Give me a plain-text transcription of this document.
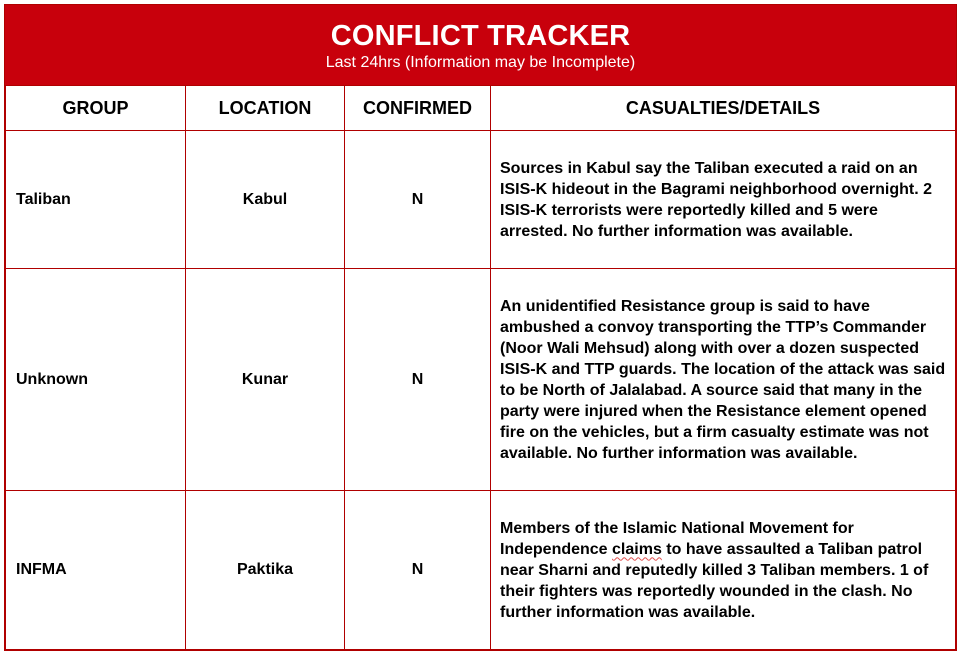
CONFLICT TRACKER
Last 24hrs (Information may be Incomplete)
GROUP	LOCATION	CONFIRMED	CASUALTIES/DETAILS
Taliban	Kabul	N	Sources in Kabul say the Taliban executed a raid on an ISIS-K hideout in the Bagrami neighborhood overnight. 2 ISIS-K terrorists were reportedly killed and 5 were arrested. No further information was available.
Unknown	Kunar	N	An unidentified Resistance group is said to have ambushed a convoy transporting the TTP’s Commander (Noor Wali Mehsud) along with over a dozen suspected ISIS-K and TTP guards. The location of the attack was said to be North of Jalalabad. A source said that many in the party were injured when the Resistance element opened fire on the vehicles, but a firm casualty estimate was not available. No further information was available.
INFMA	Paktika	N	Members of the Islamic National Movement for Independence claims to have assaulted a Taliban patrol near Sharni and reputedly killed 3 Taliban members. 1 of their fighters was reportedly wounded in the clash. No further information was available.
